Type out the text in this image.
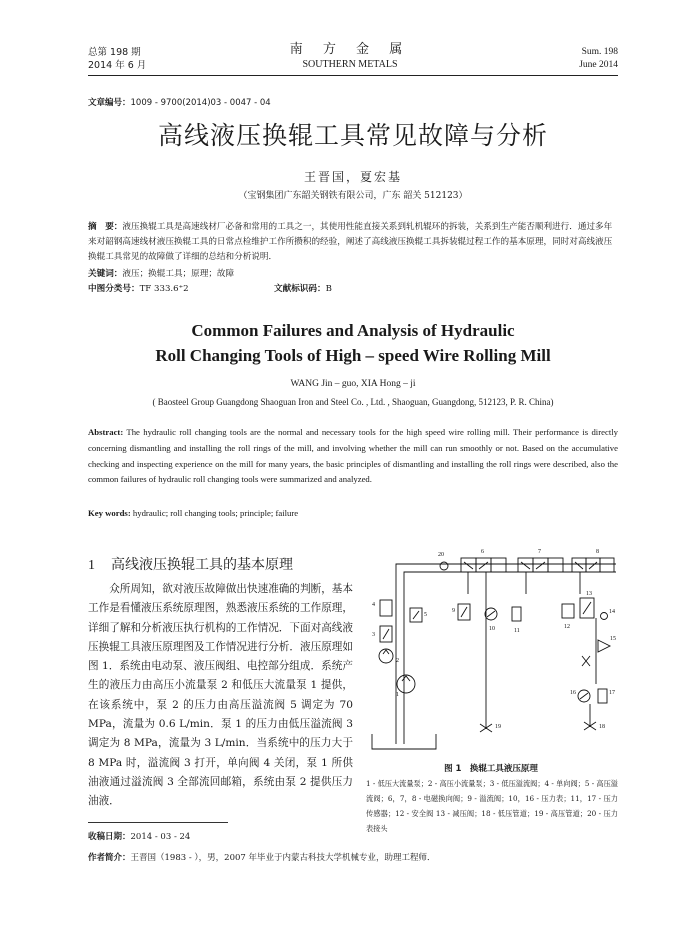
总第 198 期
2014 年 6 月
南 方 金 属
SOUTHERN METALS
Sum. 198
June 2014
文章编号：1009 - 9700(2014)03 - 0047 - 04
高线液压换辊工具常见故障与分析
王晋国，夏宏基
（宝钢集团广东韶关钢铁有限公司，广东 韶关 512123）
摘　要：液压换辊工具是高速线材厂必备和常用的工具之一，其使用性能直接关系到轧机辊环的拆装，关系到生产能否顺利进行．通过多年来对韶钢高速线材液压换辊工具的日常点检维护工作所攒积的经验，阐述了高线液压换辊工具拆装辊过程工作的基本原理，同时对高线液压换辊工具常见的故障做了详细的总结和分析说明．
关键词：液压；换辊工具；原理；故障
中图分类号：TF 333.6⁺2	文献标识码：B
Common Failures and Analysis of Hydraulic
Roll Changing Tools of High – speed Wire Rolling Mill
WANG Jin – guo, XIA Hong – ji
( Baosteel Group Guangdong Shaoguan Iron and Steel Co. , Ltd. , Shaoguan, Guangdong, 512123, P. R. China)
Abstract: The hydraulic roll changing tools are the normal and necessary tools for the high speed wire rolling mill. Their performance is directly concerning dismantling and installing the roll rings of the mill, and involving whether the mill can run smoothly or not. Based on the accumulative checking and inspecting experience on the mill for many years, the basic principles of dismantling and installing the roll rings were described, also the common failures of hydraulic roll changing tools were summarized and analyzed.
Key words: hydraulic; roll changing tools; principle; failure
1 高线液压换辊工具的基本原理
众所周知，欲对液压故障做出快速准确的判断，基本工作是看懂液压系统原理图，熟悉液压系统的工作原理，详细了解和分析液压执行机构的工作情况．下面对高线液压换辊工具液压原理图及工作情况进行分析．液压原理如图 1．系统由电动泵、液压阀组、电控部分组成．系统产生的液压力由高压小流量泵 2 和低压大流量泵 1 提供，在该系统中，泵 2 的压力由高压溢流阀 5 调定为 70 MPa，流量为 0.6 L/min．泵 1 的压力由低压溢流阀 3 调定为 8 MPa，流量为 3 L/min．当系统中的压力大于 8 MPa 时，溢流阀 3 打开，单向阀 4 关闭，泵 1 所供油液通过溢流阀 3 全部流回邮箱，系统由泵 2 提供压力油液．
20	6	7	8
14
13
9
10	11
12
15
4
5
3
2
1	16	17
19	18
图 1　换辊工具液压原理
1 - 低压大流量泵；2 - 高压小流量泵；3 - 低压溢流阀；4 - 单向阀；5 - 高压溢流阀；6，7，8 - 电磁换向阀；9 - 溢流阀；10，16 - 压力表；11，17 - 压力传感器；12 - 安全阀 13 - 减压阀；18 - 低压管道；19 - 高压管道；20 - 压力表接头
收稿日期：2014 - 03 - 24
作者简介：王晋国（1983 - ），男，2007 年毕业于内蒙古科技大学机械专业，助理工程师．
